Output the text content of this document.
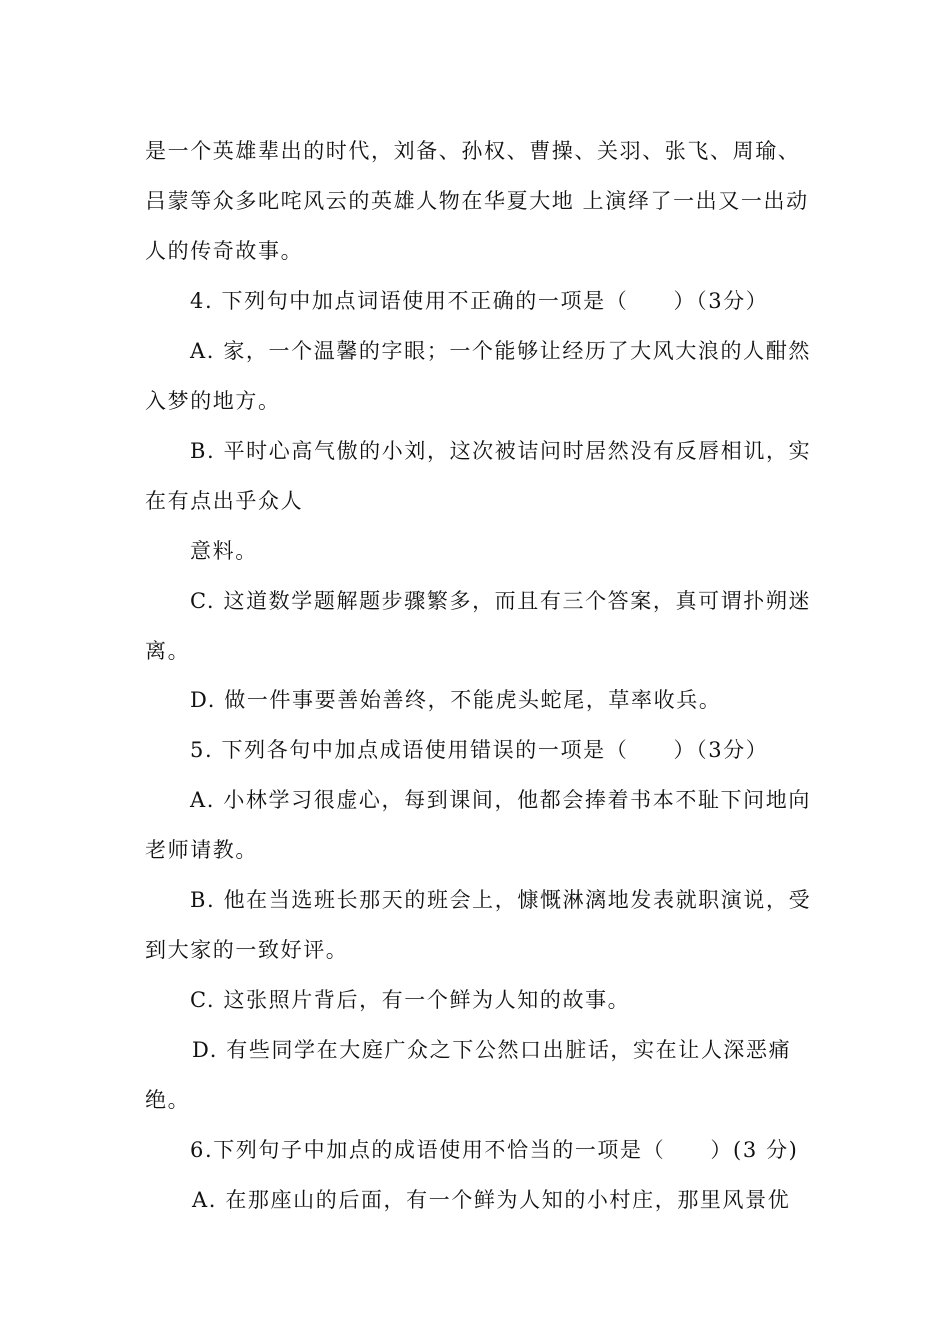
是一个英雄辈出的时代，刘备、孙权、曹操、关羽、张飞、周瑜、
吕蒙等众多叱咤风云的英雄人物在华夏大地 上演绎了一出又一出动
人的传奇故事。
4. 下列句中加点词语使用不正确的一项是（　　）（3分）
A. 家，一个温馨的字眼；一个能够让经历了大风大浪的人酣然
入梦的地方。
B. 平时心高气傲的小刘，这次被诘问时居然没有反唇相讥，实
在有点出乎众人
意料。
C. 这道数学题解题步骤繁多，而且有三个答案，真可谓扑朔迷
离。
D. 做一件事要善始善终，不能虎头蛇尾，草率收兵。
5. 下列各句中加点成语使用错误的一项是（　　）（3分）
A. 小林学习很虚心，每到课间，他都会捧着书本不耻下问地向
老师请教。
B. 他在当选班长那天的班会上，慷慨淋漓地发表就职演说，受
到大家的一致好评。
C. 这张照片背后，有一个鲜为人知的故事。
D. 有些同学在大庭广众之下公然口出脏话，实在让人深恶痛
绝。
6.下列句子中加点的成语使用不恰当的一项是（　　）(3 分)
A. 在那座山的后面，有一个鲜为人知的小村庄，那里风景优
